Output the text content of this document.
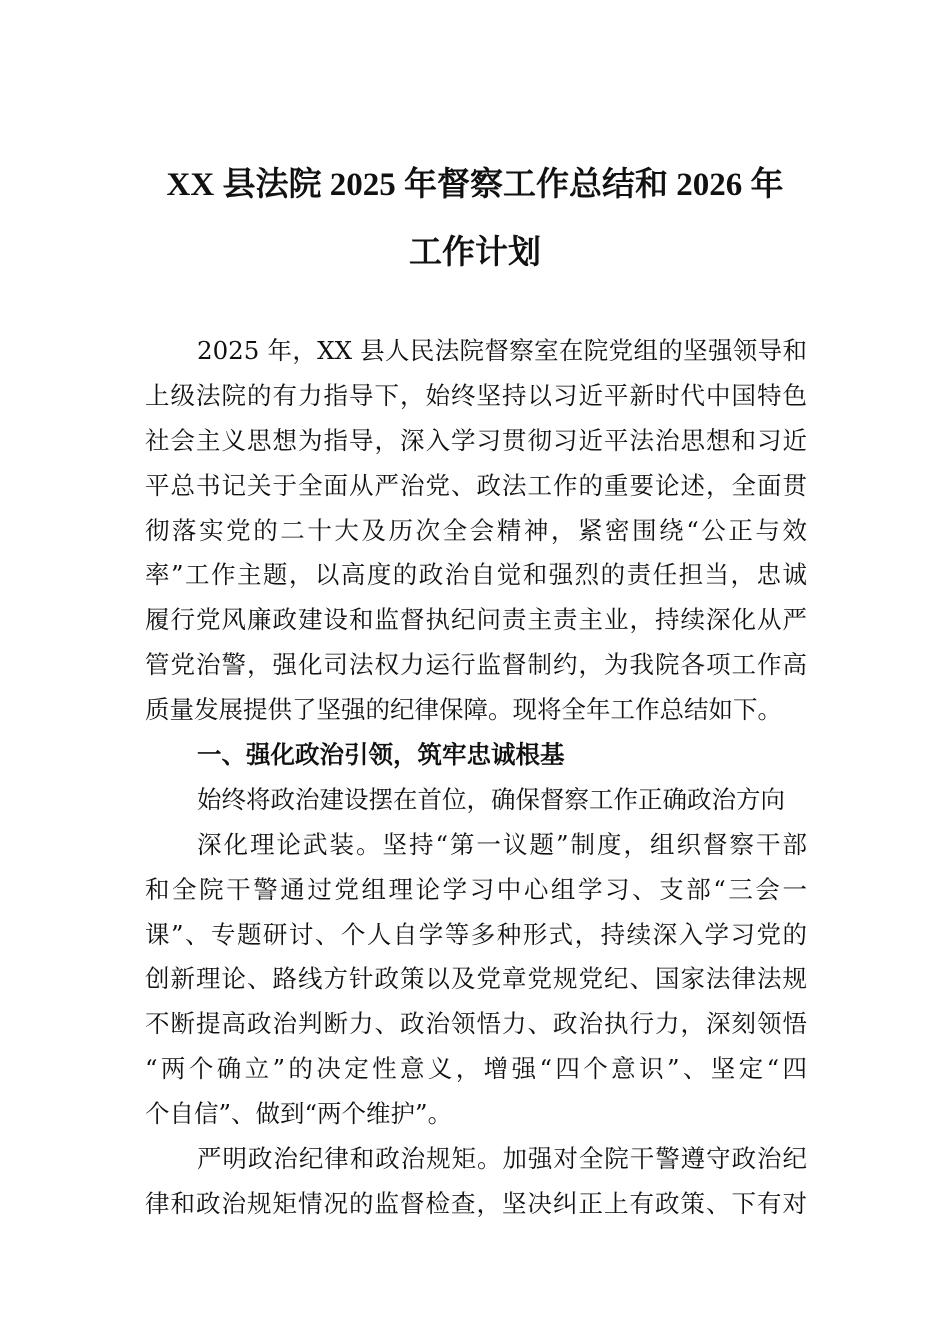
XX 县法院 2025 年督察工作总结和 2026 年
工作计划
2025 年，XX 县人民法院督察室在院党组的坚强领导和
上级法院的有力指导下，始终坚持以习近平新时代中国特色
社会主义思想为指导，深入学习贯彻习近平法治思想和习近
平总书记关于全面从严治党、政法工作的重要论述，全面贯
彻落实党的二十大及历次全会精神，紧密围绕“公正与效
率”工作主题，以高度的政治自觉和强烈的责任担当，忠诚
履行党风廉政建设和监督执纪问责主责主业，持续深化从严
管党治警，强化司法权力运行监督制约，为我院各项工作高
质量发展提供了坚强的纪律保障。现将全年工作总结如下。
一、强化政治引领，筑牢忠诚根基
始终将政治建设摆在首位，确保督察工作正确政治方向
深化理论武装。坚持“第一议题”制度，组织督察干部
和全院干警通过党组理论学习中心组学习、支部“三会一
课”、专题研讨、个人自学等多种形式，持续深入学习党的
创新理论、路线方针政策以及党章党规党纪、国家法律法规
不断提高政治判断力、政治领悟力、政治执行力，深刻领悟
“两个确立”的决定性意义，增强“四个意识”、坚定“四
个自信”、做到“两个维护”。
严明政治纪律和政治规矩。加强对全院干警遵守政治纪
律和政治规矩情况的监督检查，坚决纠正上有政策、下有对
